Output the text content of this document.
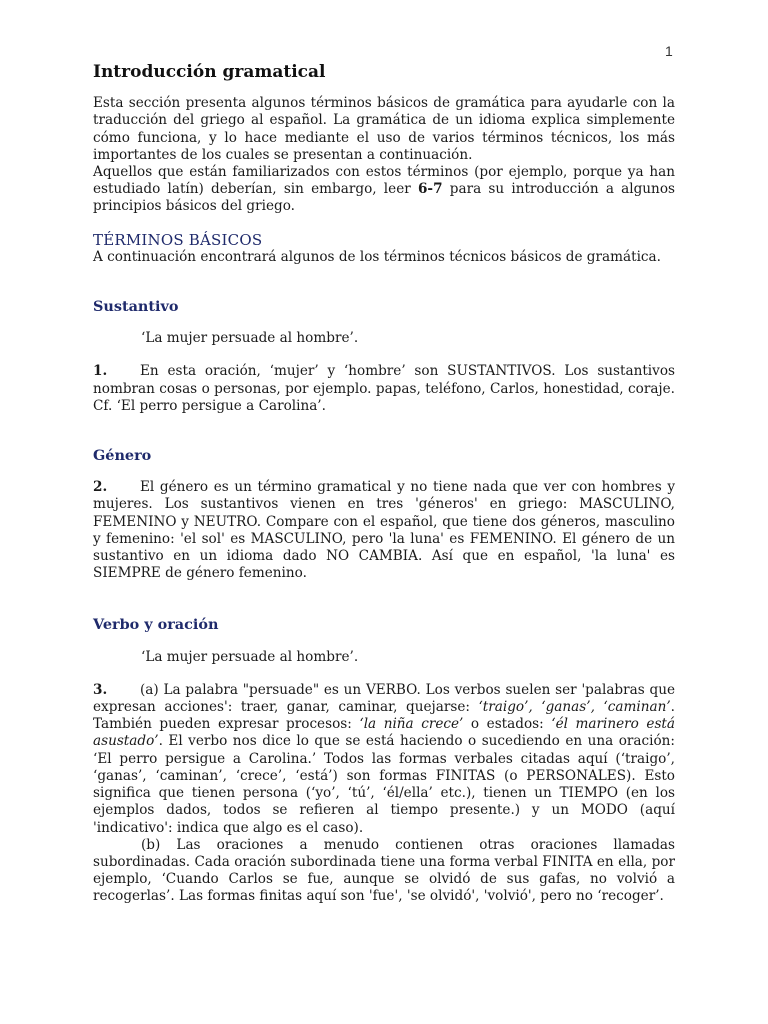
1
Introducción gramatical

Esta sección presenta algunos términos básicos de gramática para ayudarle con la traducción del griego al español. La gramática de un idioma explica simplemente cómo funciona, y lo hace mediante el uso de varios términos técnicos, los más importantes de los cuales se presentan a continuación.

Aquellos que están familiarizados con estos términos (por ejemplo, porque ya han estudiado latín) deberían, sin embargo, leer 6-7 para su introducción a algunos principios básicos del griego.

TÉRMINOS BÁSICOS

A continuación encontrará algunos de los términos técnicos básicos de gramática.

Sustantivo

‘La mujer persuade al hombre’.

1. En esta oración, ‘mujer’ y ‘hombre’ son SUSTANTIVOS. Los sustantivos nombran cosas o personas, por ejemplo. papas, teléfono, Carlos, honestidad, coraje. Cf. ‘El perro persigue a Carolina’.

Género

2. El género es un término gramatical y no tiene nada que ver con hombres y mujeres. Los sustantivos vienen en tres 'géneros' en griego: MASCULINO, FEMENINO y NEUTRO. Compare con el español, que tiene dos géneros, masculino y femenino: 'el sol' es MASCULINO, pero 'la luna' es FEMENINO. El género de un sustantivo en un idioma dado NO CAMBIA. Así que en español, 'la luna' es SIEMPRE de género femenino.

Verbo y oración

‘La mujer persuade al hombre’.

3. (a) La palabra "persuade" es un VERBO. Los verbos suelen ser 'palabras que expresan acciones': traer, ganar, caminar, quejarse: ‘traigo’, ‘ganas’, ‘caminan’. También pueden expresar procesos: ‘la niña crece’ o estados: ‘él marinero está asustado’. El verbo nos dice lo que se está haciendo o sucediendo en una oración: ‘El perro persigue a Carolina.’ Todos las formas verbales citadas aquí (‘traigo’, ‘ganas’, ‘caminan’, ‘crece’, ‘está’) son formas FINITAS (o PERSONALES). Esto significa que tienen persona (‘yo’, ‘tú’, ‘él/ella’ etc.), tienen un TIEMPO (en los ejemplos dados, todos se refieren al tiempo presente.) y un MODO (aquí 'indicativo': indica que algo es el caso).

(b) Las oraciones a menudo contienen otras oraciones llamadas subordinadas. Cada oración subordinada tiene una forma verbal FINITA en ella, por ejemplo, ‘Cuando Carlos se fue, aunque se olvidó de sus gafas, no volvió a recogerlas’. Las formas finitas aquí son 'fue', 'se olvidó', 'volvió', pero no ‘recoger’.
